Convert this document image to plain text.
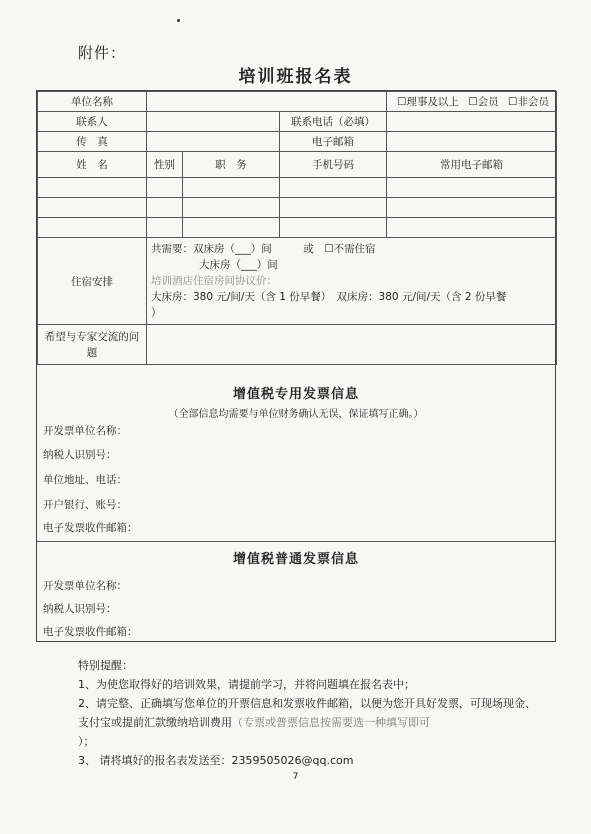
附件：
培训班报名表
单位名称				☐理事及以上 ☐会员 ☐非会员
联系人			联系电话（必填）	
传　真			电子邮箱	
姓　名	性别	职　务	手机号码	常用电子邮箱

住宿安排	共需要：双床房（___）间　　　或　☐不需住宿
大床房（___）间
培训酒店住宿房间协议价：
大床房：380 元/间/天（含 1 份早餐）　双床房：380 元/间/天（含 2 份早餐
）			

希望与专家交流的问题				
增值税专用发票信息
（全部信息均需要与单位财务确认无误，保证填写正确。）
开发票单位名称：
纳税人识别号：
单位地址、电话：
开户银行、账号：
电子发票收件邮箱：
增值税普通发票信息
开发票单位名称：
纳税人识别号：
电子发票收件邮箱：
特别提醒：
1、为使您取得好的培训效果，请提前学习，并将问题填在报名表中；
2、请完整、正确填写您单位的开票信息和发票收件邮箱，以便为您开具好发票，可现场现金、支付宝或提前汇款缴纳培训费用（专票或普票信息按需要选一种填写即可
）；
3、 请将填好的报名表发送至：2359505026@qq.com
7
